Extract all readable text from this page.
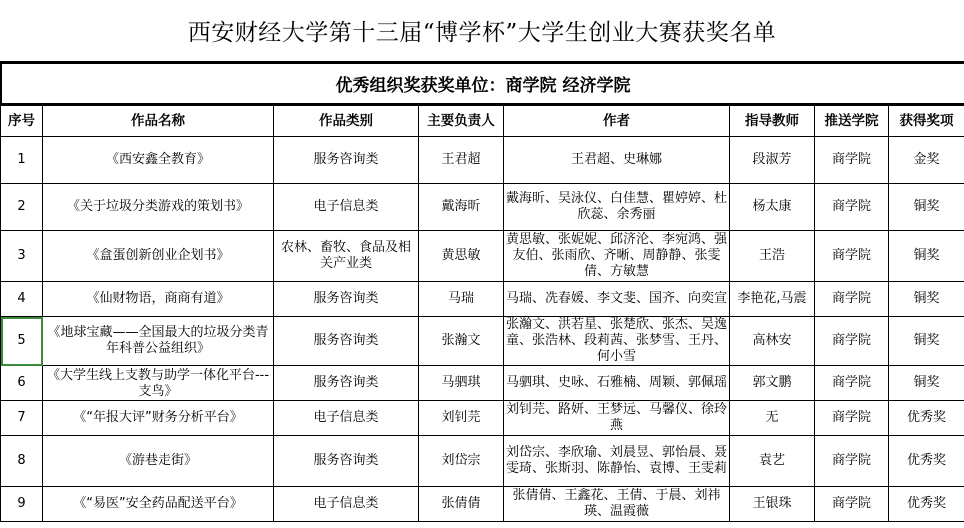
西安财经大学第十三届“博学杯”大学生创业大赛获奖名单
优秀组织奖获奖单位：商学院 经济学院
序号	作品名称	作品类别	主要负责人	作者	指导教师	推送学院	获得奖项
1	《西安鑫全教育》	服务咨询类	王君超	王君超、史琳娜	段淑芳	商学院	金奖
2	《关于垃圾分类游戏的策划书》	电子信息类	戴海昕	戴海昕、吴泳仪、白佳慧、瞿婷婷、杜欣蕊、余秀丽	杨太康	商学院	铜奖
3	《盒蛋创新创业企划书》	农林、畜牧、食品及相关产业类	黄思敏	黄思敏、张妮妮、邱济沦、李宛鸿、强友伯、张雨欣、齐晰、周静静、张雯倩、方敏慧	王浩	商学院	铜奖
4	《仙财物语，商商有道》	服务咨询类	马瑞	马瑞、冼春媛、李文斐、国齐、向奕宣	李艳花,马震	商学院	铜奖
5	《地球宝藏——全国最大的垃圾分类青年科普公益组织》	服务咨询类	张瀚文	张瀚文、洪若星、张楚欣、张杰、吴逸童、张浩林、段莉茜、张梦雪、王丹、何小雪	高林安	商学院	铜奖
6	《大学生线上支教与助学一体化平台---支鸟》	服务咨询类	马驷琪	马驷琪、史咏、石雅楠、周颖、郭佩瑶	郭文鹏	商学院	铜奖
7	《“年报大评”财务分析平台》	电子信息类	刘钊芫	刘钊芫、路妍、王梦远、马馨仪、徐玲燕	无	商学院	优秀奖
8	《游巷走街》	服务咨询类	刘岱宗	刘岱宗、李欣瑜、刘晨昱、郭怡晨、聂雯琦、张斯羽、陈静怡、袁博、王雯莉	袁艺	商学院	优秀奖
9	《“易医”安全药品配送平台》	电子信息类	张倩倩	张倩倩、王鑫花、王倩、于晨、刘祎瑛、温霞薇	王银珠	商学院	优秀奖
